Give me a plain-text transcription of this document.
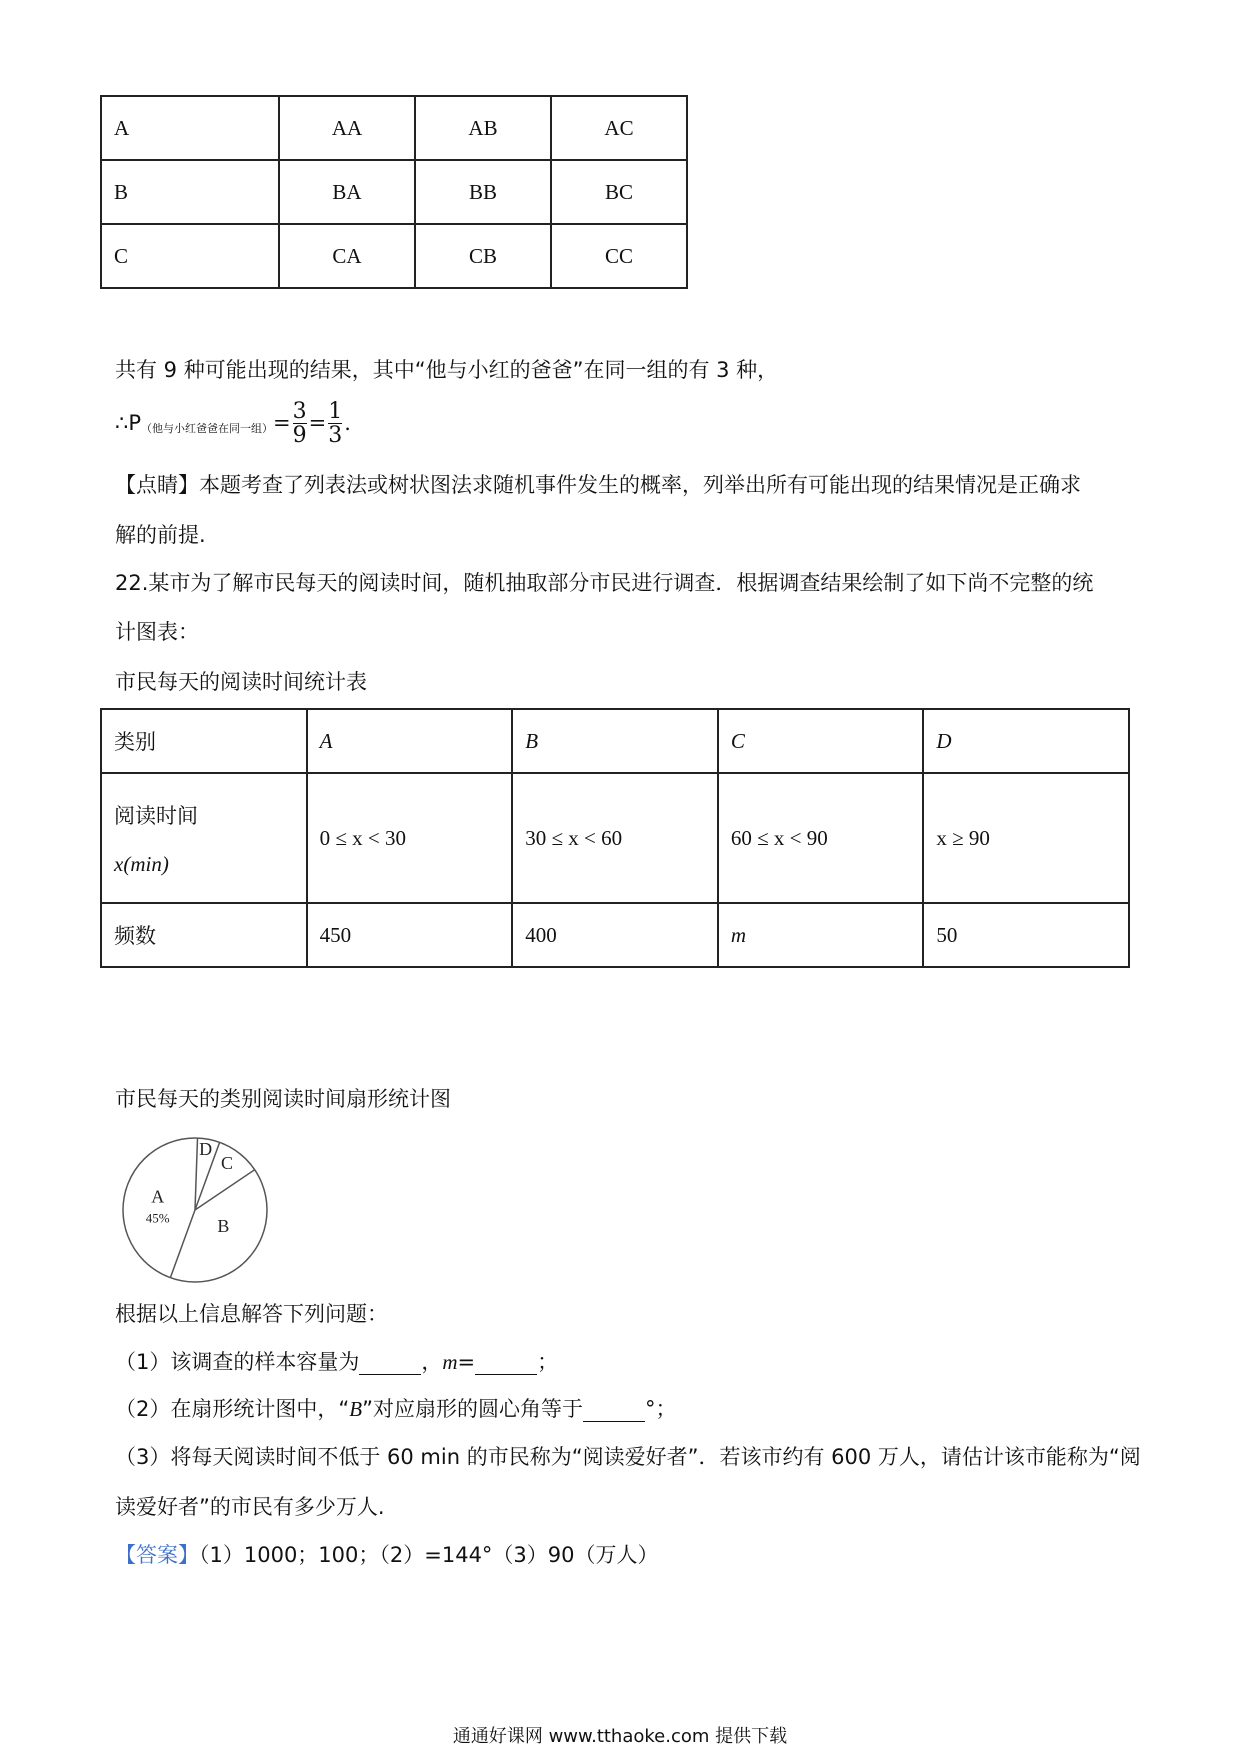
A	AA	AB	AC
B	BA	BB	BC
C	CA	CB	CC
共有 9 种可能出现的结果，其中“他与小红的爸爸”在同一组的有 3 种，
∴P （他与小红爸爸在同一组） = $\frac{3}{9} = \frac{1}{3}$ .
【点睛】本题考查了列表法或树状图法求随机事件发生的概率，列举出所有可能出现的结果情况是正确求
解的前提.
22.某市为了解市民每天的阅读时间，随机抽取部分市民进行调查．根据调查结果绘制了如下尚不完整的统
计图表：
市民每天的阅读时间统计表
类别	A	B	C	D

阅读时间
x(min)	0 ≤ x < 30	30 ≤ x < 60	60 ≤ x < 90	x ≥ 90
频数	450	400	m	50
市民每天的类别阅读时间扇形统计图
A
45%
D
C
B
根据以上信息解答下列问题：
（1）该调查的样本容量为	， m =	；
（2）在扇形统计图中，“ B ”对应扇形的圆心角等于	°；
（3）将每天阅读时间不低于 60 min 的市民称为“阅读爱好者”．若该市约有 600 万人，请估计该市能称为“阅
读爱好者”的市民有多少万人.
【答案】（1）1000；100；（2）=144°（3）90（万人）
通通好课网 www.tthaoke.com 提供下载
